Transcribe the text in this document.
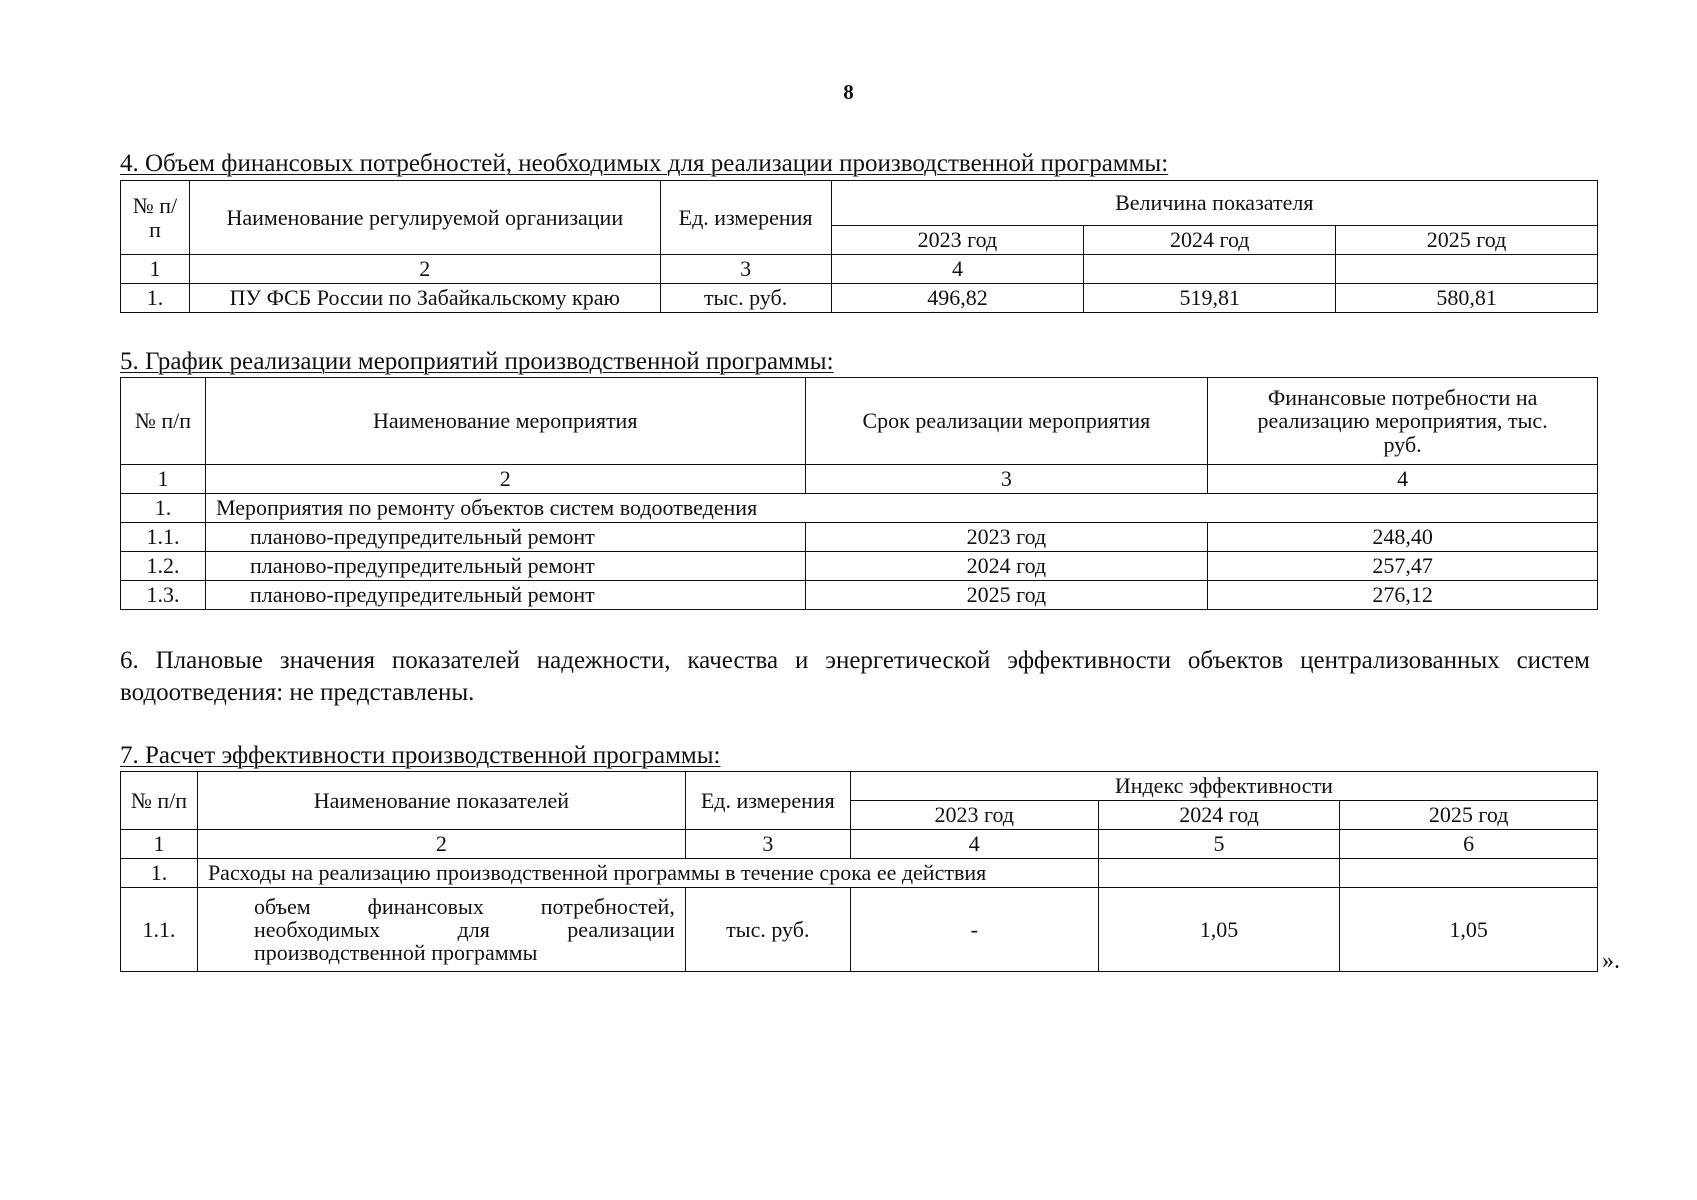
8
4. Объем финансовых потребностей, необходимых для реализации производственной программы:
№ п/п	Наименование регулируемой организации	Ед. измерения	Величина показателя		
			2023 год	2024 год	2025 год
1	2	3	4		
1.	ПУ ФСБ России по Забайкальскому краю	тыс. руб.	496,82	519,81	580,81
5. График реализации мероприятий производственной программы:
№ п/п	Наименование мероприятия	Срок реализации мероприятия	Финансовые потребности на реализацию мероприятия, тыс. руб.
1	2	3	4
1.	Мероприятия по ремонту объектов систем водоотведения		
1.1.	планово-предупредительный ремонт	2023 год	248,40
1.2.	планово-предупредительный ремонт	2024 год	257,47
1.3.	планово-предупредительный ремонт	2025 год	276,12
6. Плановые значения показателей надежности, качества и энергетической эффективности объектов централизованных систем водоотведения: не представлены.
7. Расчет эффективности производственной программы:
№ п/п	Наименование показателей	Ед. измерения	Индекс эффективности		
			2023 год	2024 год	2025 год
1	2	3	4	5	6
1.	Расходы на реализацию производственной программы в течение срока ее действия				
1.1.	объем финансовых потребностей,
необходимых для реализации
производственной программы	тыс. руб.	-	1,05	1,05
».
